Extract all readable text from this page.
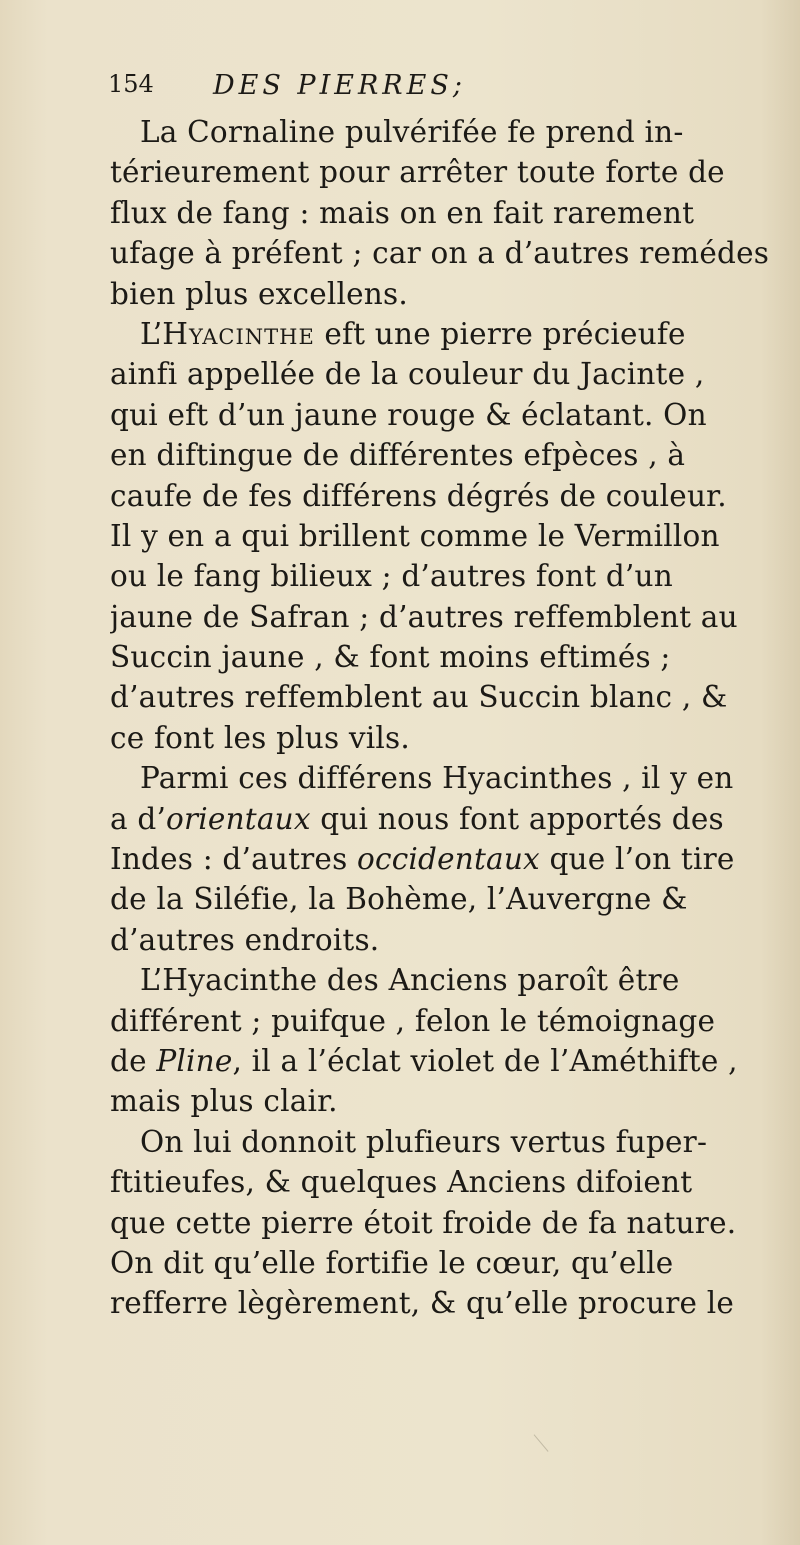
154 DES PIERRES;
La Cornaline pulvérifée fe prend in-
térieurement pour arrêter toute forte de
flux de fang : mais on en fait rarement
ufage à préfent ; car on a d’autres remédes
bien plus excellens.
L’Hyacinthe eft une pierre précieufe
ainfi appellée de la couleur du Jacinte ,
qui eft d’un jaune rouge & éclatant. On
en diftingue de différentes efpèces , à
caufe de fes différens dégrés de couleur.
Il y en a qui brillent comme le Vermillon
ou le fang bilieux ; d’autres font d’un
jaune de Safran ; d’autres reffemblent au
Succin jaune , & font moins eftimés ;
d’autres reffemblent au Succin blanc , &
ce font les plus vils.
Parmi ces différens Hyacinthes , il y en
a d’orientaux qui nous font apportés des
Indes : d’autres occidentaux que l’on tire
de la Siléfie, la Bohème, l’Auvergne &
d’autres endroits.
L’Hyacinthe des Anciens paroît être
différent ; puifque , felon le témoignage
de Pline, il a l’éclat violet de l’Améthifte ,
mais plus clair.
On lui donnoit plufieurs vertus fuper-
ftitieufes, & quelques Anciens difoient
que cette pierre étoit froide de fa nature.
On dit qu’elle fortifie le cœur, qu’elle
refferre lègèrement, & qu’elle procure le
